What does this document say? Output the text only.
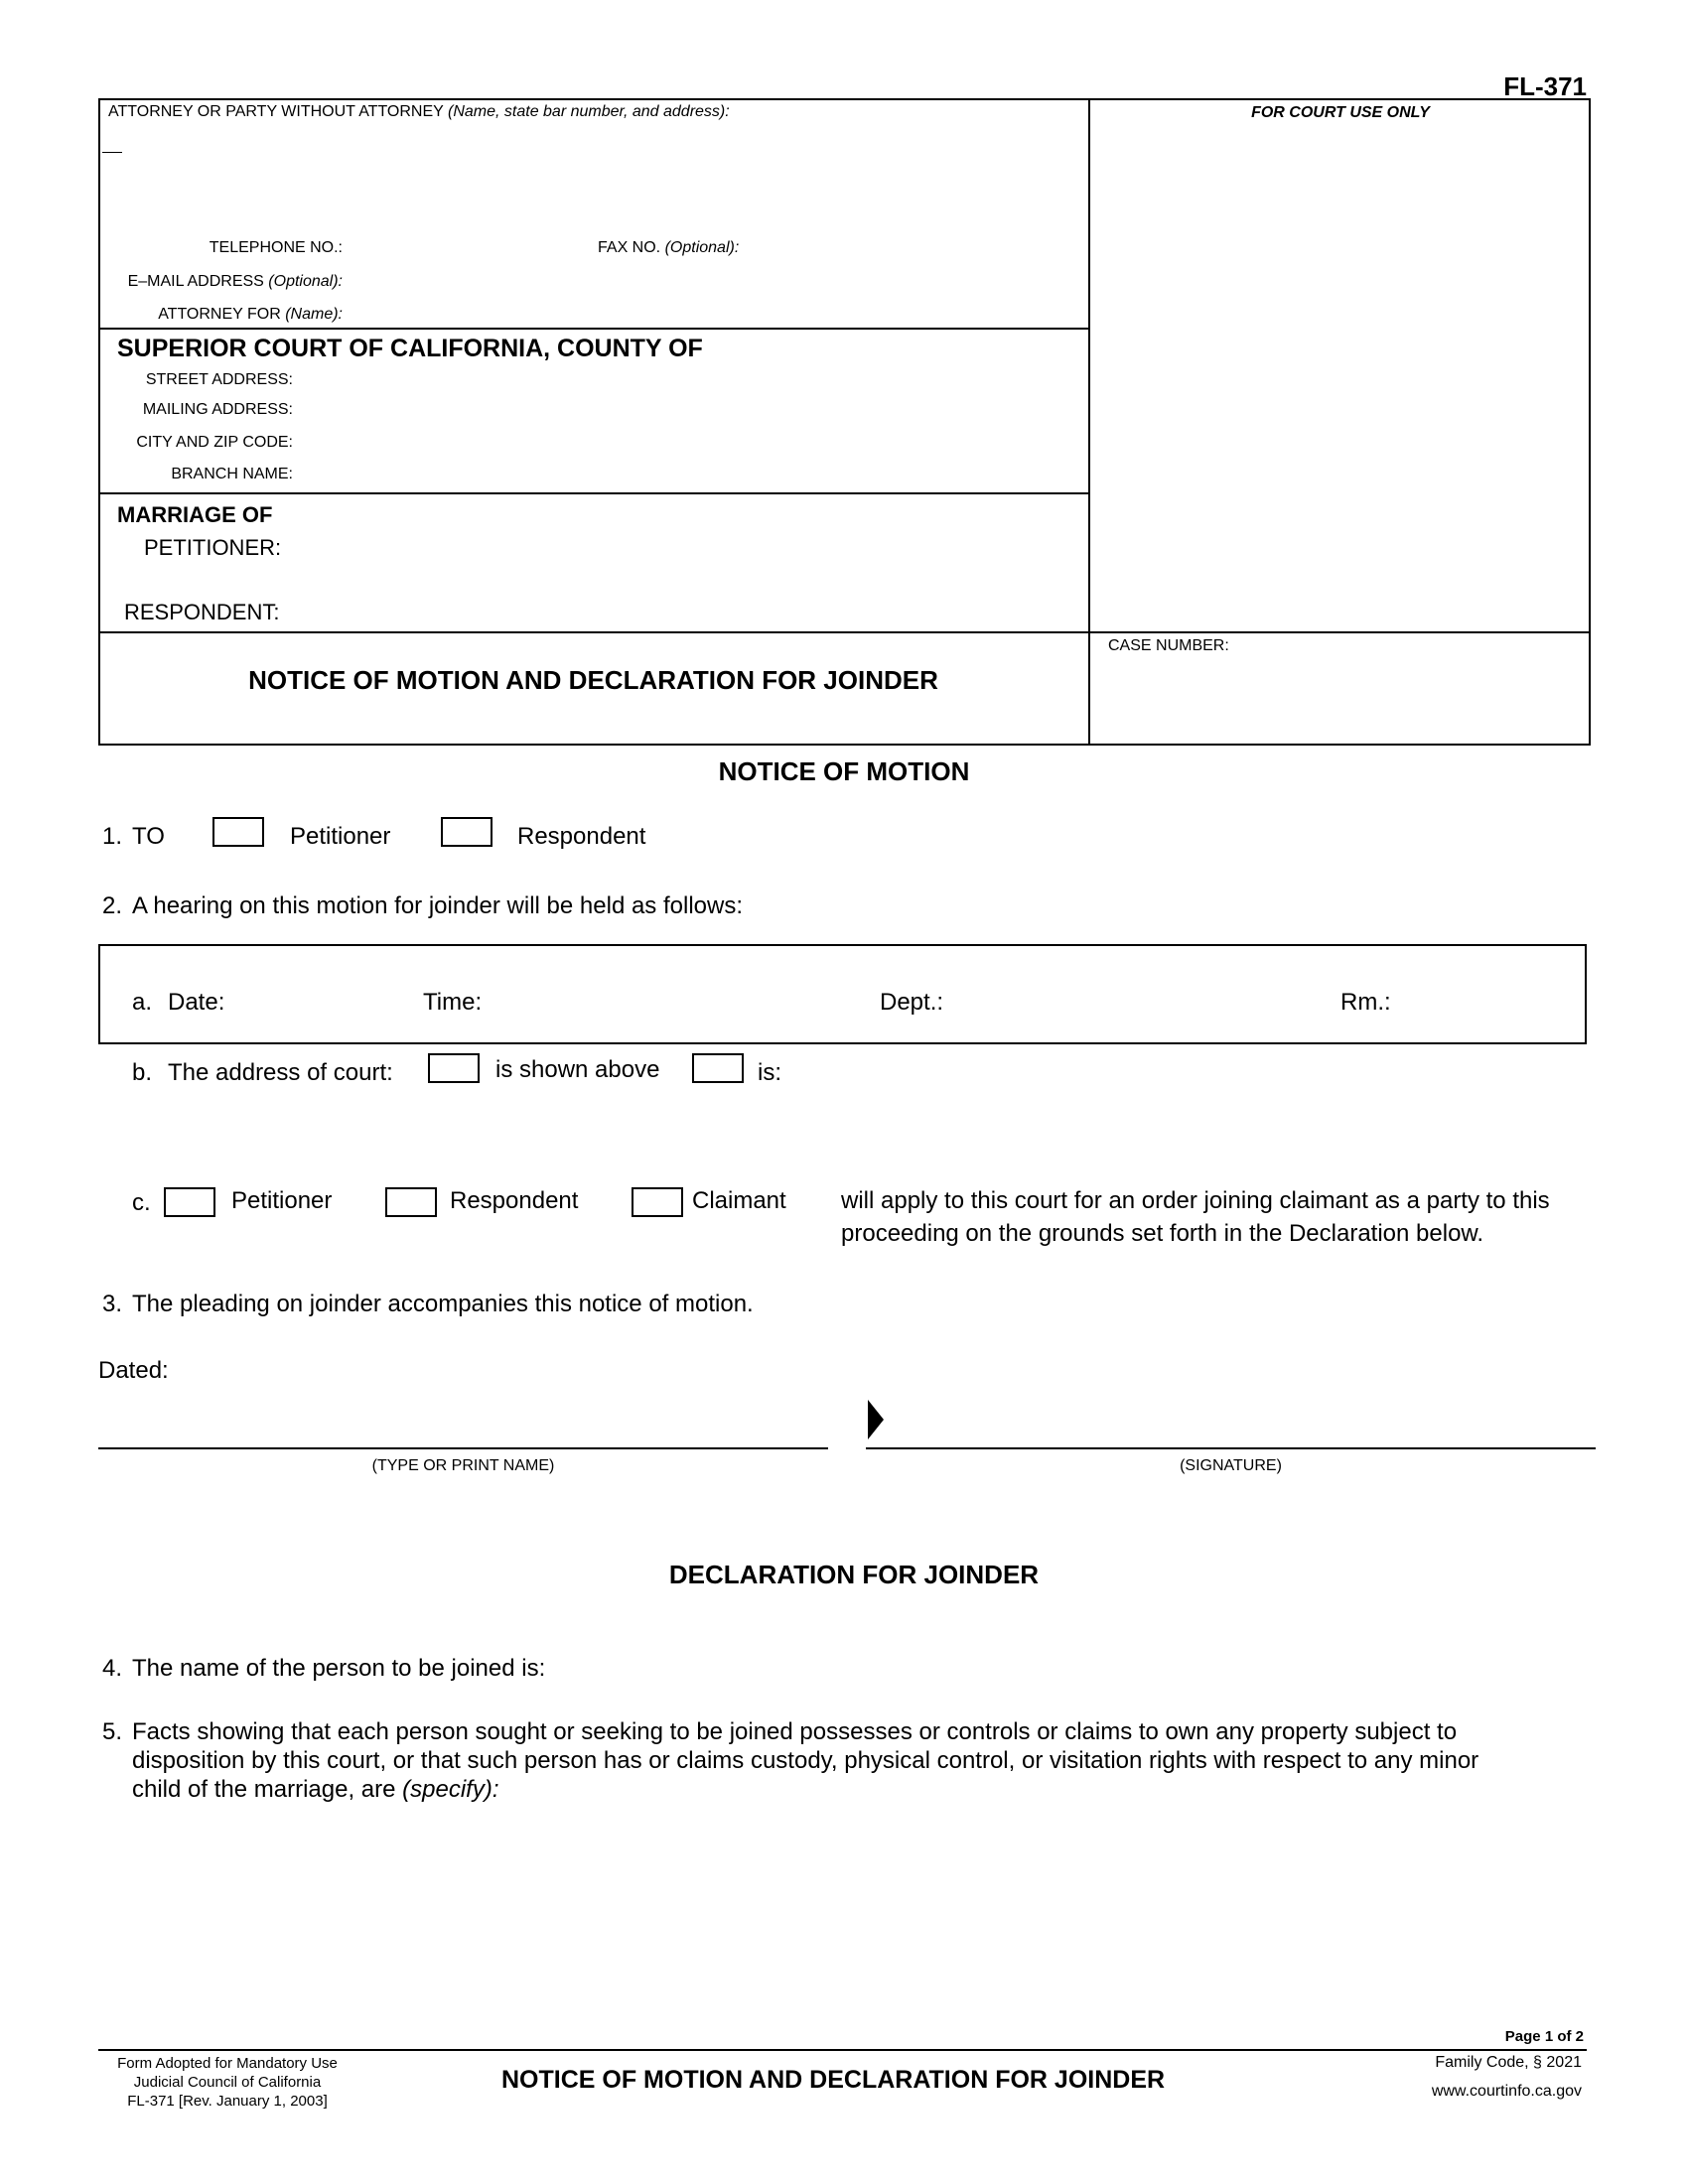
FL-371
ATTORNEY OR PARTY WITHOUT ATTORNEY (Name, state bar number, and address):
TELEPHONE NO.:	FAX NO. (Optional):
E–MAIL ADDRESS (Optional):
ATTORNEY FOR (Name):
SUPERIOR COURT OF CALIFORNIA, COUNTY OF
STREET ADDRESS:
MAILING ADDRESS:
CITY AND ZIP CODE:
BRANCH NAME:
MARRIAGE OF
PETITIONER:
RESPONDENT:
NOTICE OF MOTION AND DECLARATION FOR JOINDER
CASE NUMBER:
FOR COURT USE ONLY
NOTICE OF MOTION
1. TO	Petitioner	Respondent
2. A hearing on this motion for joinder will be held as follows:
a. Date:	Time:	Dept.:	Rm.:
b. The address of court:	is shown above	is:
c.	Petitioner	Respondent	Claimant will apply to this court for an order joining claimant as a party to this
proceeding on the grounds set forth in the Declaration below.
3. The pleading on joinder accompanies this notice of motion.
Dated:
(TYPE OR PRINT NAME)	(SIGNATURE)
DECLARATION FOR JOINDER
4. The name of the person to be joined is:
5. Facts showing that each person sought or seeking to be joined possesses or controls or claims to own any property subject to
disposition by this court, or that such person has or claims custody, physical control, or visitation rights with respect to any minor
child of the marriage, are (specify):
Page 1 of 2
Form Adopted for Mandatory Use
Judicial Council of California
FL-371 [Rev. January 1, 2003]
NOTICE OF MOTION AND DECLARATION FOR JOINDER
Family Code, § 2021
www.courtinfo.ca.gov
